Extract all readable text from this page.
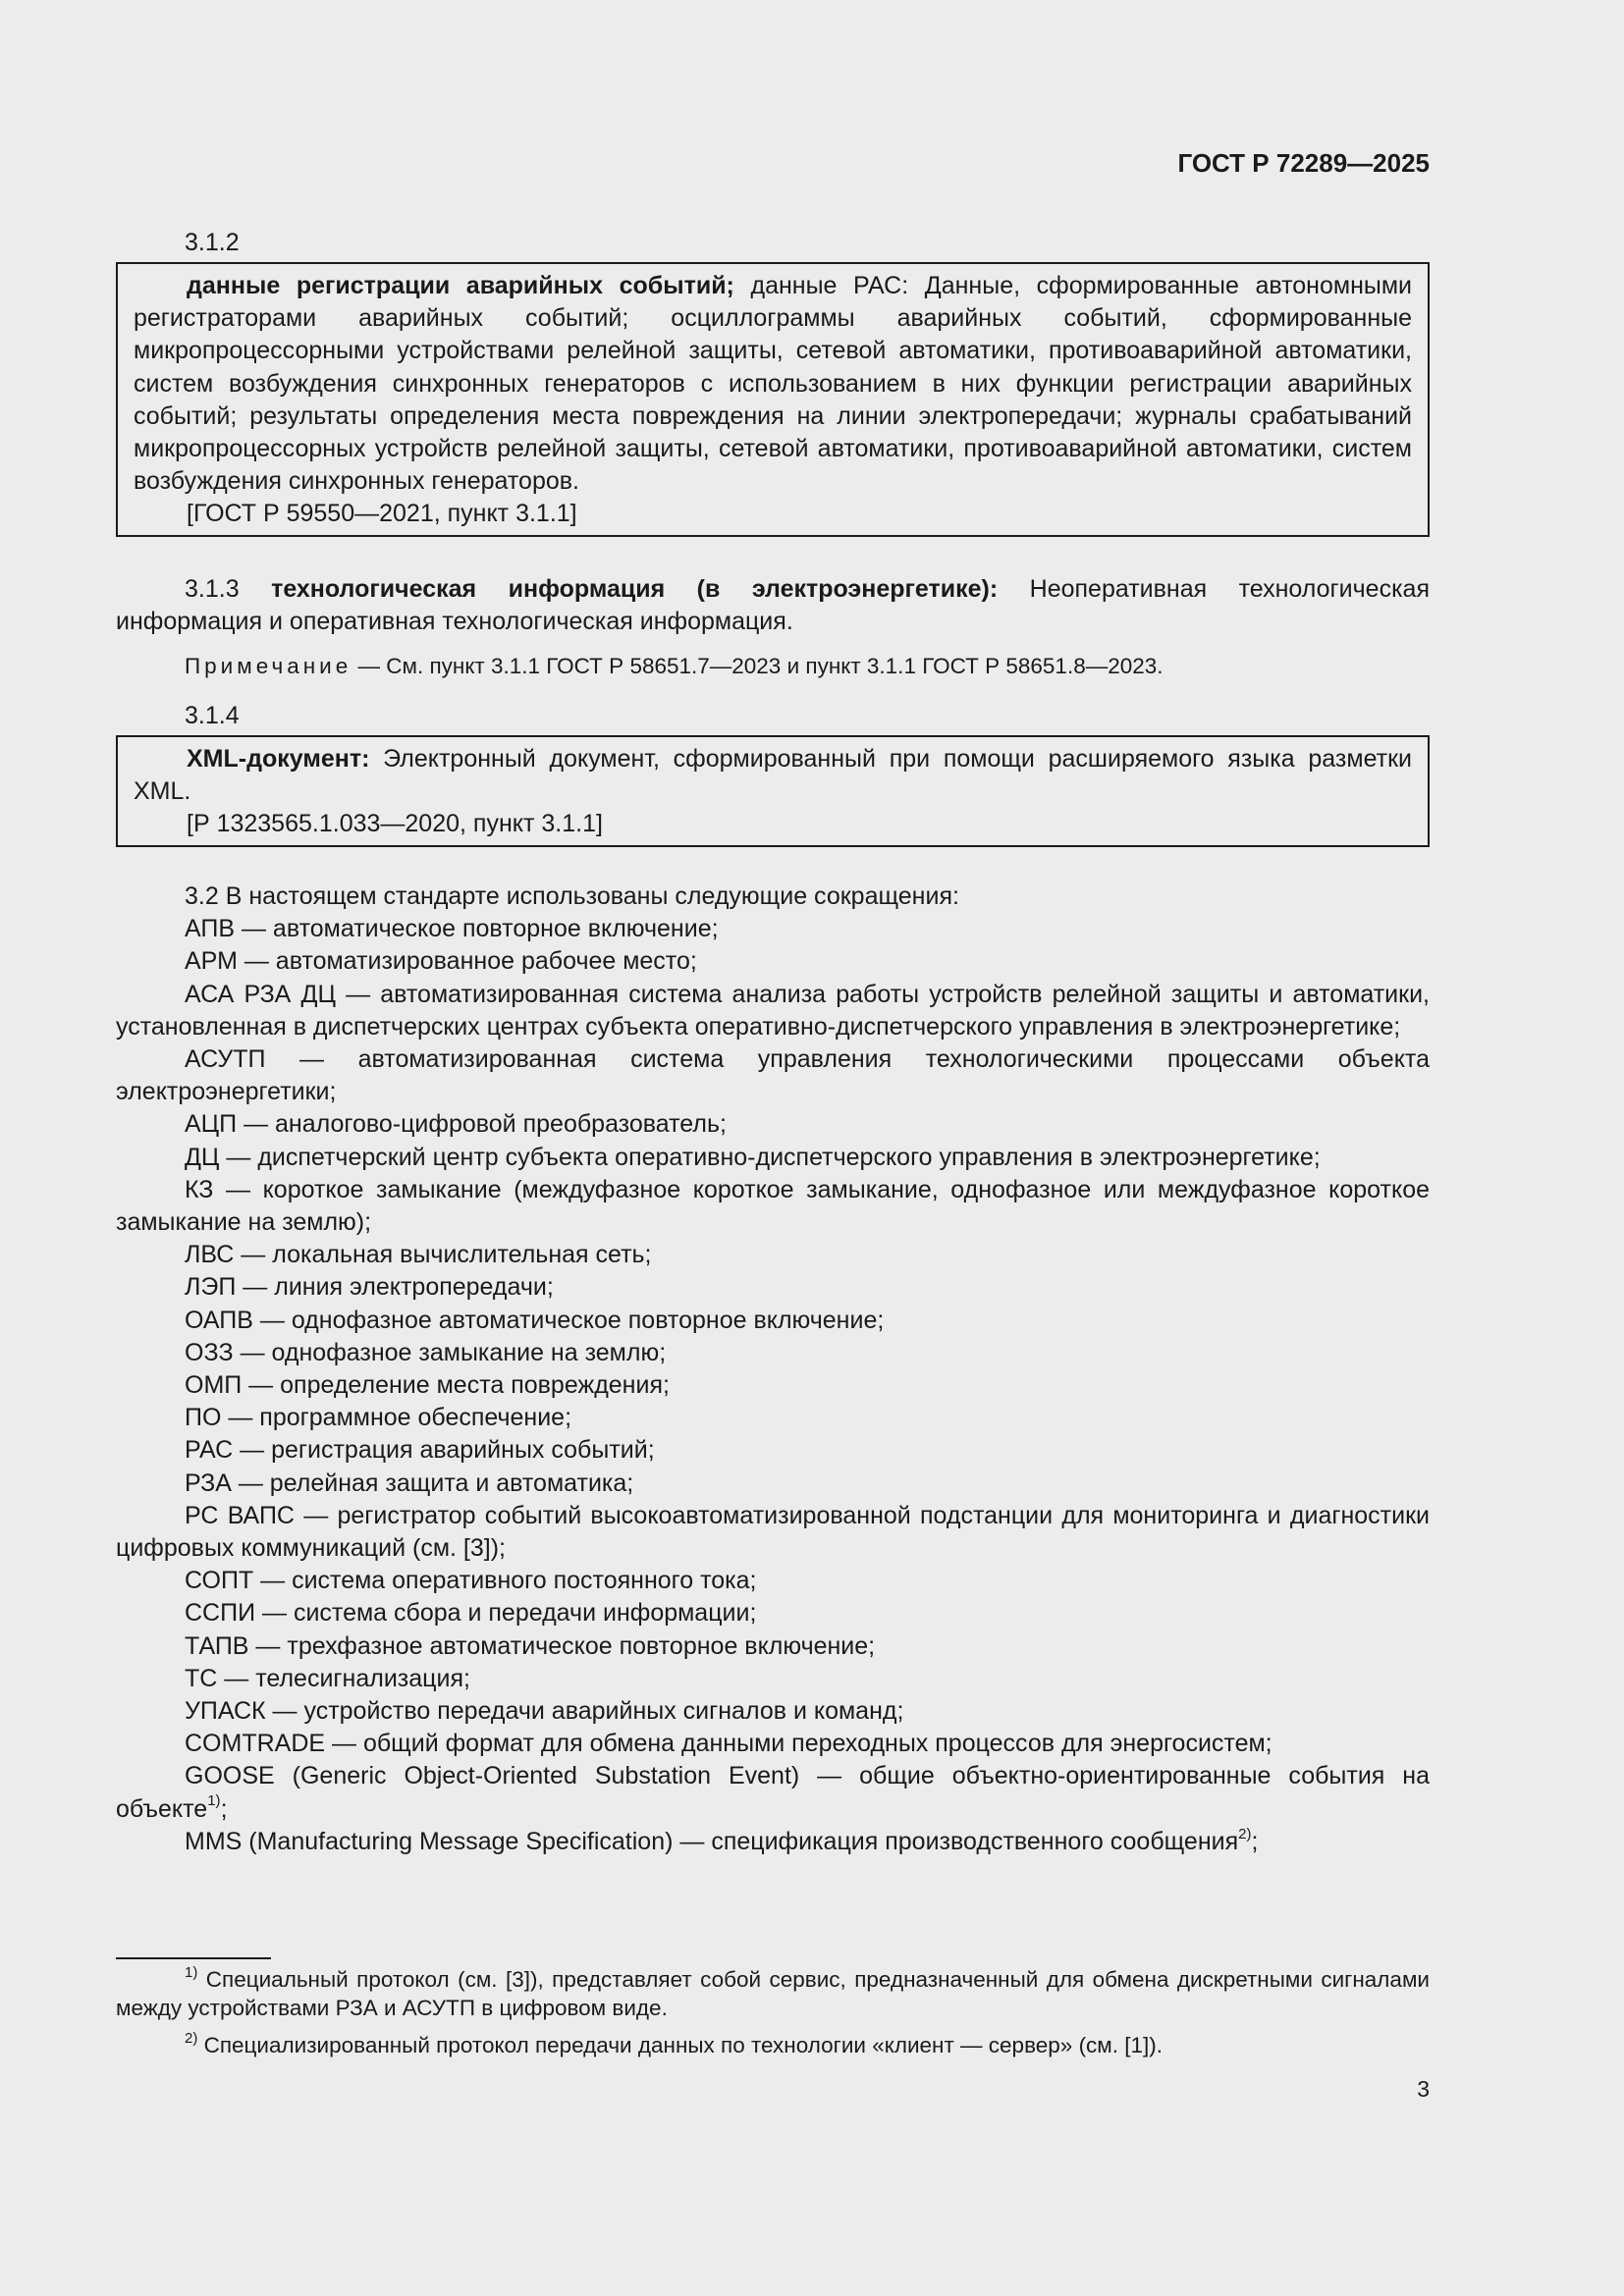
ГОСТ Р 72289—2025
3.1.2

данные регистрации аварийных событий; данные РАС: Данные, сформированные автономными регистраторами аварийных событий; осциллограммы аварийных событий, сформированные микропроцессорными устройствами релейной защиты, сетевой автоматики, противоаварийной автоматики, систем возбуждения синхронных генераторов с использованием в них функции регистрации аварийных событий; результаты определения места повреждения на линии электропередачи; журналы срабатываний микропроцессорных устройств релейной защиты, сетевой автоматики, противоаварийной автоматики, систем возбуждения синхронных генераторов.

[ГОСТ Р 59550—2021, пункт 3.1.1]

3.1.3 технологическая информация (в электроэнергетике): Неоперативная технологическая информация и оперативная технологическая информация.

Примечание — См. пункт 3.1.1 ГОСТ Р 58651.7—2023 и пункт 3.1.1 ГОСТ Р 58651.8—2023.

3.1.4

XML-документ: Электронный документ, сформированный при помощи расширяемого языка разметки XML.

[Р 1323565.1.033—2020, пункт 3.1.1]

3.2 В настоящем стандарте использованы следующие сокращения:

АПВ — автоматическое повторное включение;

АРМ — автоматизированное рабочее место;

АСА РЗА ДЦ — автоматизированная система анализа работы устройств релейной защиты и автоматики, установленная в диспетчерских центрах субъекта оперативно-диспетчерского управления в электроэнергетике;

АСУТП — автоматизированная система управления технологическими процессами объекта электроэнергетики;

АЦП — аналогово-цифровой преобразователь;

ДЦ — диспетчерский центр субъекта оперативно-диспетчерского управления в электроэнергетике;

КЗ — короткое замыкание (междуфазное короткое замыкание, однофазное или междуфазное короткое замыкание на землю);

ЛВС — локальная вычислительная сеть;

ЛЭП — линия электропередачи;

ОАПВ — однофазное автоматическое повторное включение;

ОЗЗ — однофазное замыкание на землю;

ОМП — определение места повреждения;

ПО — программное обеспечение;

РАС — регистрация аварийных событий;

РЗА — релейная защита и автоматика;

РС ВАПС — регистратор событий высокоавтоматизированной подстанции для мониторинга и диагностики цифровых коммуникаций (см. [3]);

СОПТ — система оперативного постоянного тока;

ССПИ — система сбора и передачи информации;

ТАПВ — трехфазное автоматическое повторное включение;

ТС — телесигнализация;

УПАСК — устройство передачи аварийных сигналов и команд;

COMTRADE — общий формат для обмена данными переходных процессов для энергосистем;

GOOSE (Generic Object-Oriented Substation Event) — общие объектно-ориентированные события на объекте$^{1)}$;

MMS (Manufacturing Message Specification) — спецификация производственного сообщения$^{2)}$;

$^{1)}$ Специальный протокол (см. [3]), представляет собой сервис, предназначенный для обмена дискретными сигналами между устройствами РЗА и АСУТП в цифровом виде.

$^{2)}$ Специализированный протокол передачи данных по технологии «клиент — сервер» (см. [1]).

3
